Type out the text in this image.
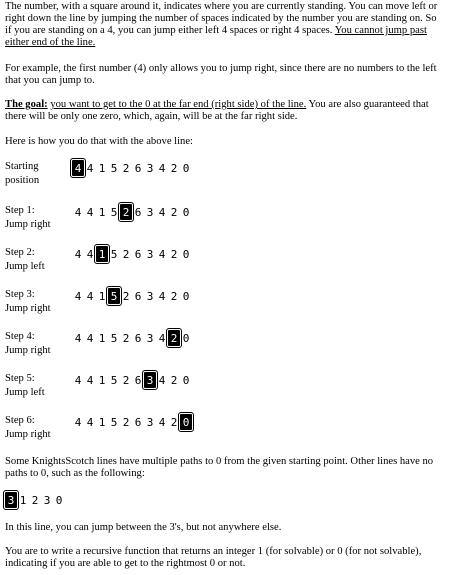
The number, with a square around it, indicates where you are currently standing. You can move left or right down the line by jumping the number of spaces indicated by the number you are standing on. So if you are standing on a 4, you can jump either left 4 spaces or right 4 spaces. You cannot jump past either end of the line.

For example, the first number (4) only allows you to jump right, since there are no numbers to the left that you can jump to.

The goal: you want to get to the 0 at the far end (right side) of the line. You are also guaranteed that there will be only one zero, which, again, will be at the far right side.

Here is how you do that with the above line:

Starting
position
4 4 1 5 2 6 3 4 2 0
Step 1:
Jump right
4 4 1 5 2 6 3 4 2 0
Step 2:
Jump left
4 4 1 5 2 6 3 4 2 0
Step 3:
Jump right
4 4 1 5 2 6 3 4 2 0
Step 4:
Jump right
4 4 1 5 2 6 3 4 2 0
Step 5:
Jump left
4 4 1 5 2 6 3 4 2 0
Step 6:
Jump right
4 4 1 5 2 6 3 4 2 0

Some KnightsScotch lines have multiple paths to 0 from the given starting point. Other lines have no paths to 0, such as the following:

3 1 2 3 0

In this line, you can jump between the 3's, but not anywhere else.

You are to write a recursive function that returns an integer 1 (for solvable) or 0 (for not solvable), indicating if you are able to get to the rightmost 0 or not.
